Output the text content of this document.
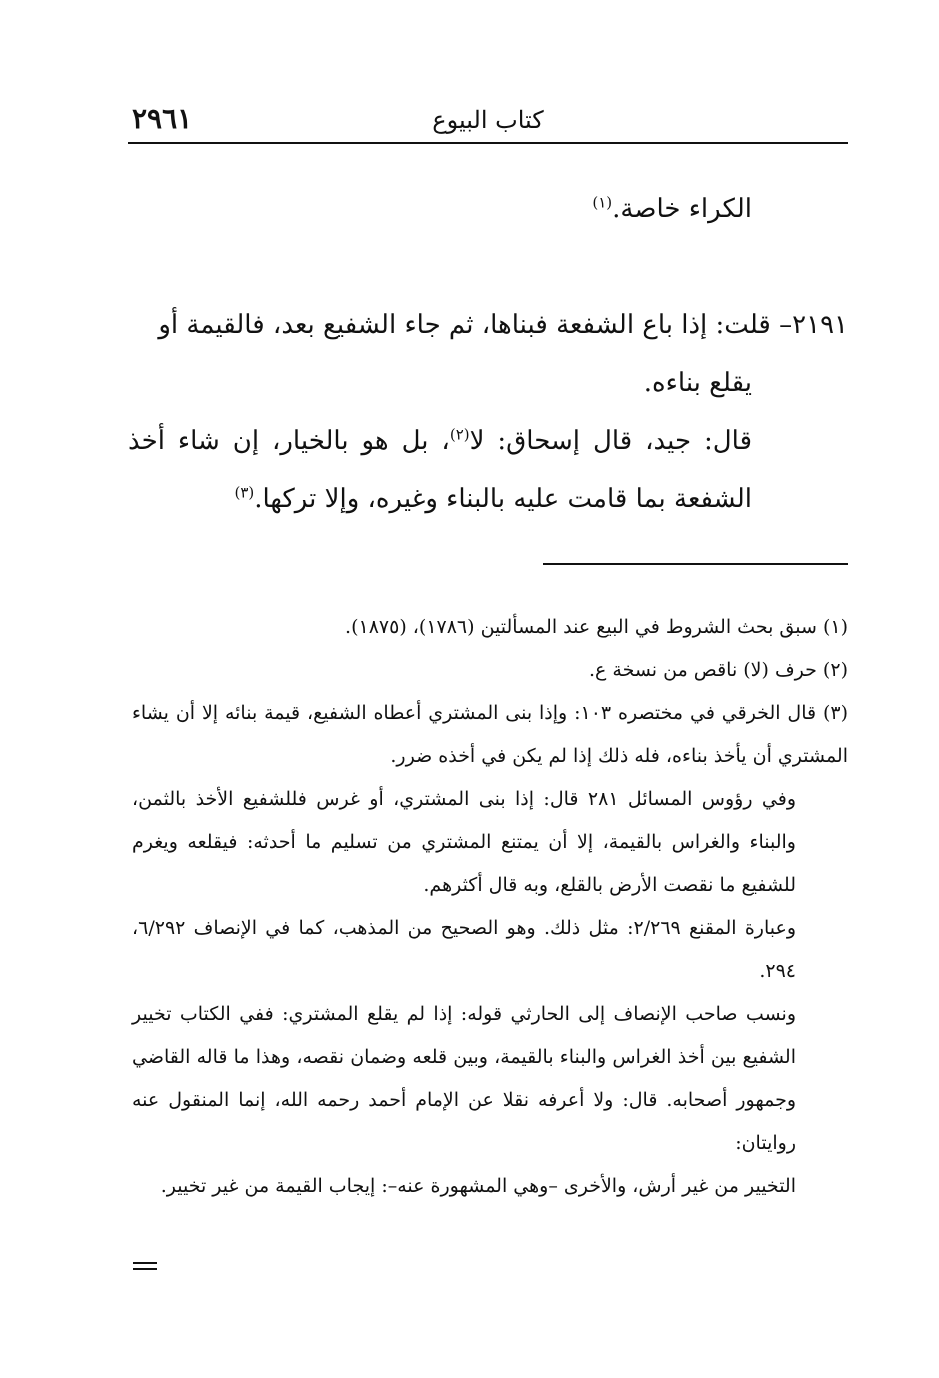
كتاب البيوع
٢٩٦١

الكراء خاصة.$^{(١)}$

٢١٩١– قلت: إذا باع الشفعة فبناها، ثم جاء الشفيع بعد، فالقيمة أو

يقلع بناءه.

قال: جيد، قال إسحاق: لا$^{(٢)}$، بل هو بالخيار، إن شاء أخذ الشفعة بما قامت عليه بالبناء وغيره، وإلا تركها.$^{(٣)}$

(١) سبق بحث الشروط في البيع عند المسألتين (١٧٨٦)، (١٨٧٥).

(٢) حرف (لا) ناقص من نسخة ع.

(٣) قال الخرقي في مختصره ١٠٣: وإذا بنى المشتري أعطاه الشفيع، قيمة بنائه إلا أن يشاء المشتري أن يأخذ بناءه، فله ذلك إذا لم يكن في أخذه ضرر.

وفي رؤوس المسائل ٢٨١ قال: إذا بنى المشتري، أو غرس فللشفيع الأخذ بالثمن، والبناء والغراس بالقيمة، إلا أن يمتنع المشتري من تسليم ما أحدثه: فيقلعه ويغرم للشفيع ما نقصت الأرض بالقلع، وبه قال أكثرهم.

وعبارة المقنع ٢/٢٦٩: مثل ذلك. وهو الصحيح من المذهب، كما في الإنصاف ٦/٢٩٢، ٢٩٤.

ونسب صاحب الإنصاف إلى الحارثي قوله: إذا لم يقلع المشتري: ففي الكتاب تخيير الشفيع بين أخذ الغراس والبناء بالقيمة، وبين قلعه وضمان نقصه، وهذا ما قاله القاضي وجمهور أصحابه. قال: ولا أعرفه نقلا عن الإمام أحمد رحمه الله، إنما المنقول عنه روايتان:

التخيير من غير أرش، والأخرى –وهي المشهورة عنه–: إيجاب القيمة من غير تخيير.
